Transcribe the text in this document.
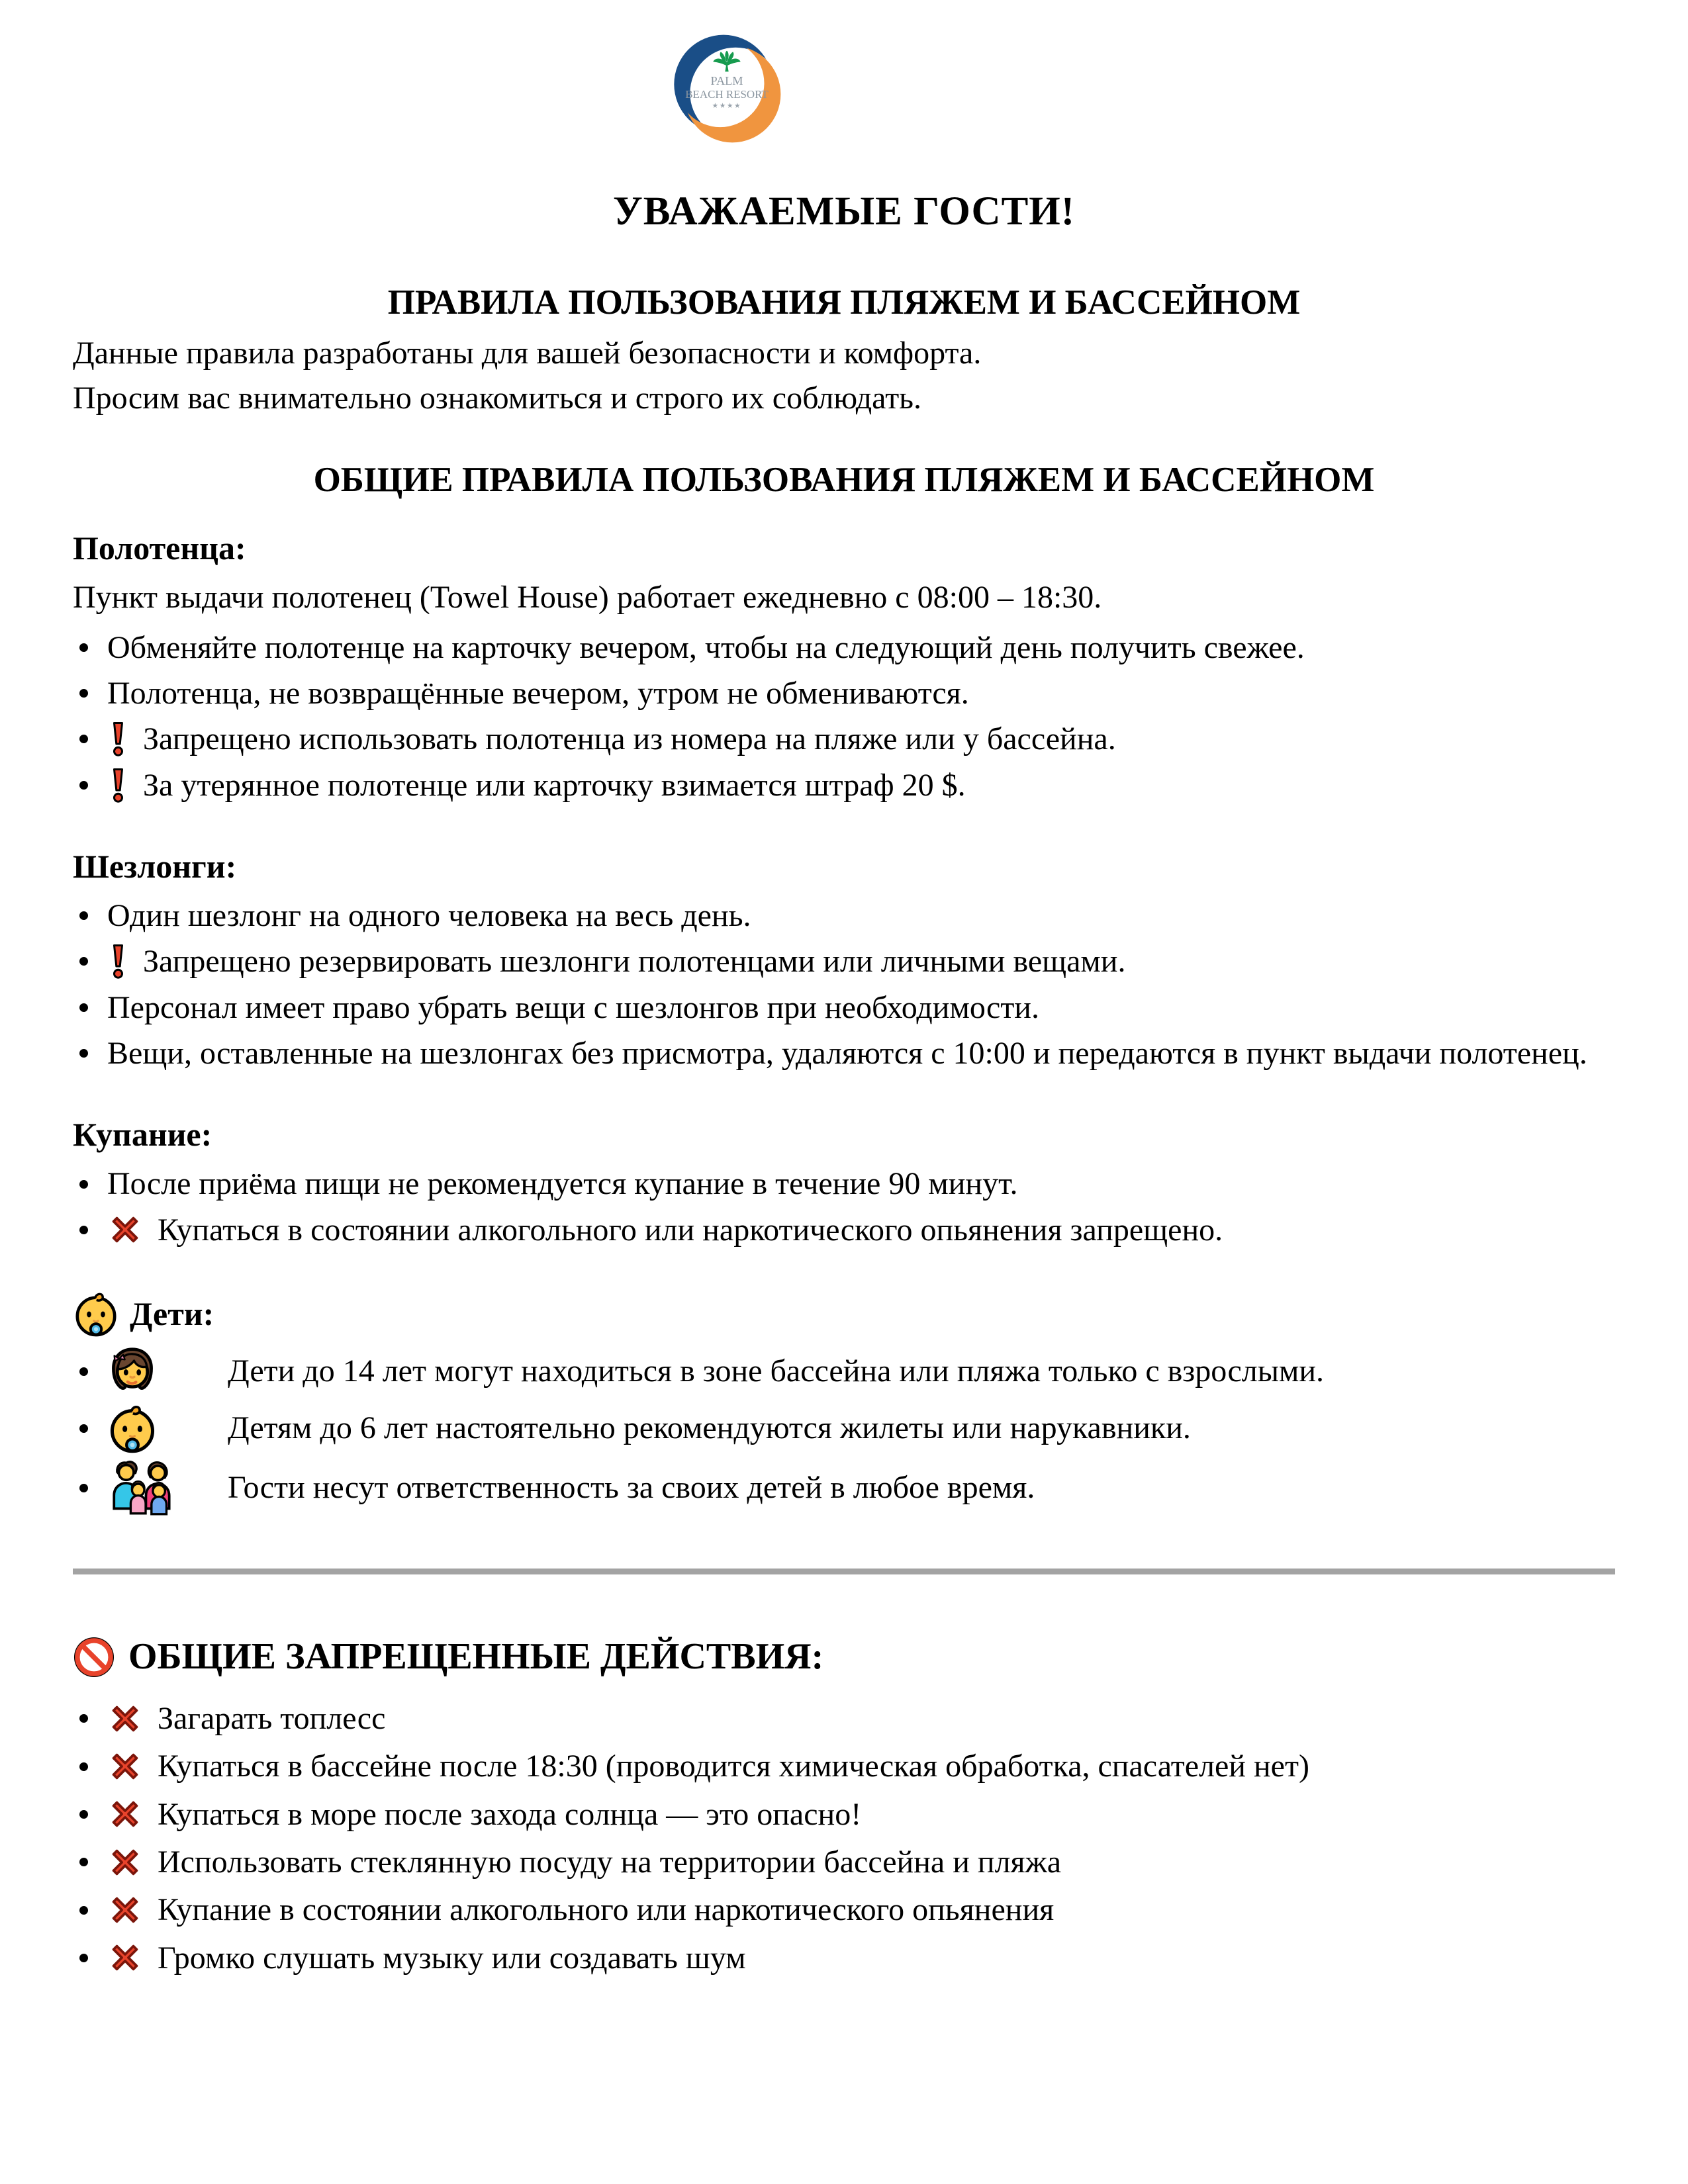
PALM
BEACH RESORT
★★★★
УВАЖАЕМЫЕ ГОСТИ!
ПРАВИЛА ПОЛЬЗОВАНИЯ ПЛЯЖЕМ И БАССЕЙНОМ
Данные правила разработаны для вашей безопасности и комфорта.
Просим вас внимательно ознакомиться и строго их соблюдать.
ОБЩИЕ ПРАВИЛА ПОЛЬЗОВАНИЯ ПЛЯЖЕМ И БАССЕЙНОМ
Полотенца:
Пункт выдачи полотенец (Towel House) работает ежедневно с 08:00 – 18:30.
Обменяйте полотенце на карточку вечером, чтобы на следующий день получить свежее.
Полотенца, не возвращённые вечером, утром не обмениваются.
Запрещено использовать полотенца из номера на пляже или у бассейна.
За утерянное полотенце или карточку взимается штраф 20 $.
Шезлонги:
Один шезлонг на одного человека на весь день.
Запрещено резервировать шезлонги полотенцами или личными вещами.
Персонал имеет право убрать вещи с шезлонгов при необходимости.
Вещи, оставленные на шезлонгах без присмотра, удаляются с 10:00 и передаются в пункт выдачи полотенец.
Купание:
После приёма пищи не рекомендуется купание в течение 90 минут.
Купаться в состоянии алкогольного или наркотического опьянения запрещено.
Дети:
Дети до 14 лет могут находиться в зоне бассейна или пляжа только с взрослыми.
Детям до 6 лет настоятельно рекомендуются жилеты или нарукавники.
Гости несут ответственность за своих детей в любое время.
ОБЩИЕ ЗАПРЕЩЕННЫЕ ДЕЙСТВИЯ:
Загарать топлесс
Купаться в бассейне после 18:30 (проводится химическая обработка, спасателей нет)
Купаться в море после захода солнца — это опасно!
Использовать стеклянную посуду на территории бассейна и пляжа
Купание в состоянии алкогольного или наркотического опьянения
Громко слушать музыку или создавать шум
